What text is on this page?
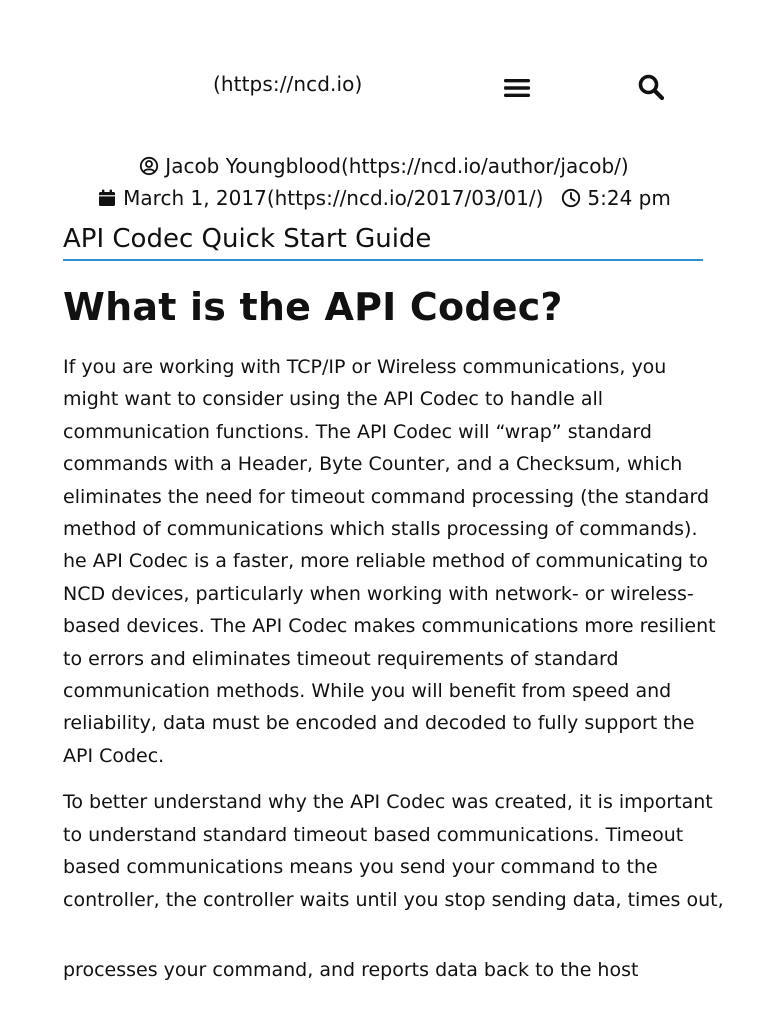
(https://ncd.io)
Jacob Youngblood(https://ncd.io/author/jacob/)
March 1, 2017(https://ncd.io/2017/03/01/) 5:24 pm
API Codec Quick Start Guide
What is the API Codec?

If you are working with TCP/IP or Wireless communications, you
might want to consider using the API Codec to handle all
communication functions. The API Codec will “wrap” standard
commands with a Header, Byte Counter, and a Checksum, which
eliminates the need for timeout command processing (the standard
method of communications which stalls processing of commands).
he API Codec is a faster, more reliable method of communicating to
NCD devices, particularly when working with network- or wireless-
based devices. The API Codec makes communications more resilient
to errors and eliminates timeout requirements of standard
communication methods. While you will benefit from speed and
reliability, data must be encoded and decoded to fully support the
API Codec.

To better understand why the API Codec was created, it is important
to understand standard timeout based communications. Timeout
based communications means you send your command to the
controller, the controller waits until you stop sending data, times out,

processes your command, and reports data back to the host
